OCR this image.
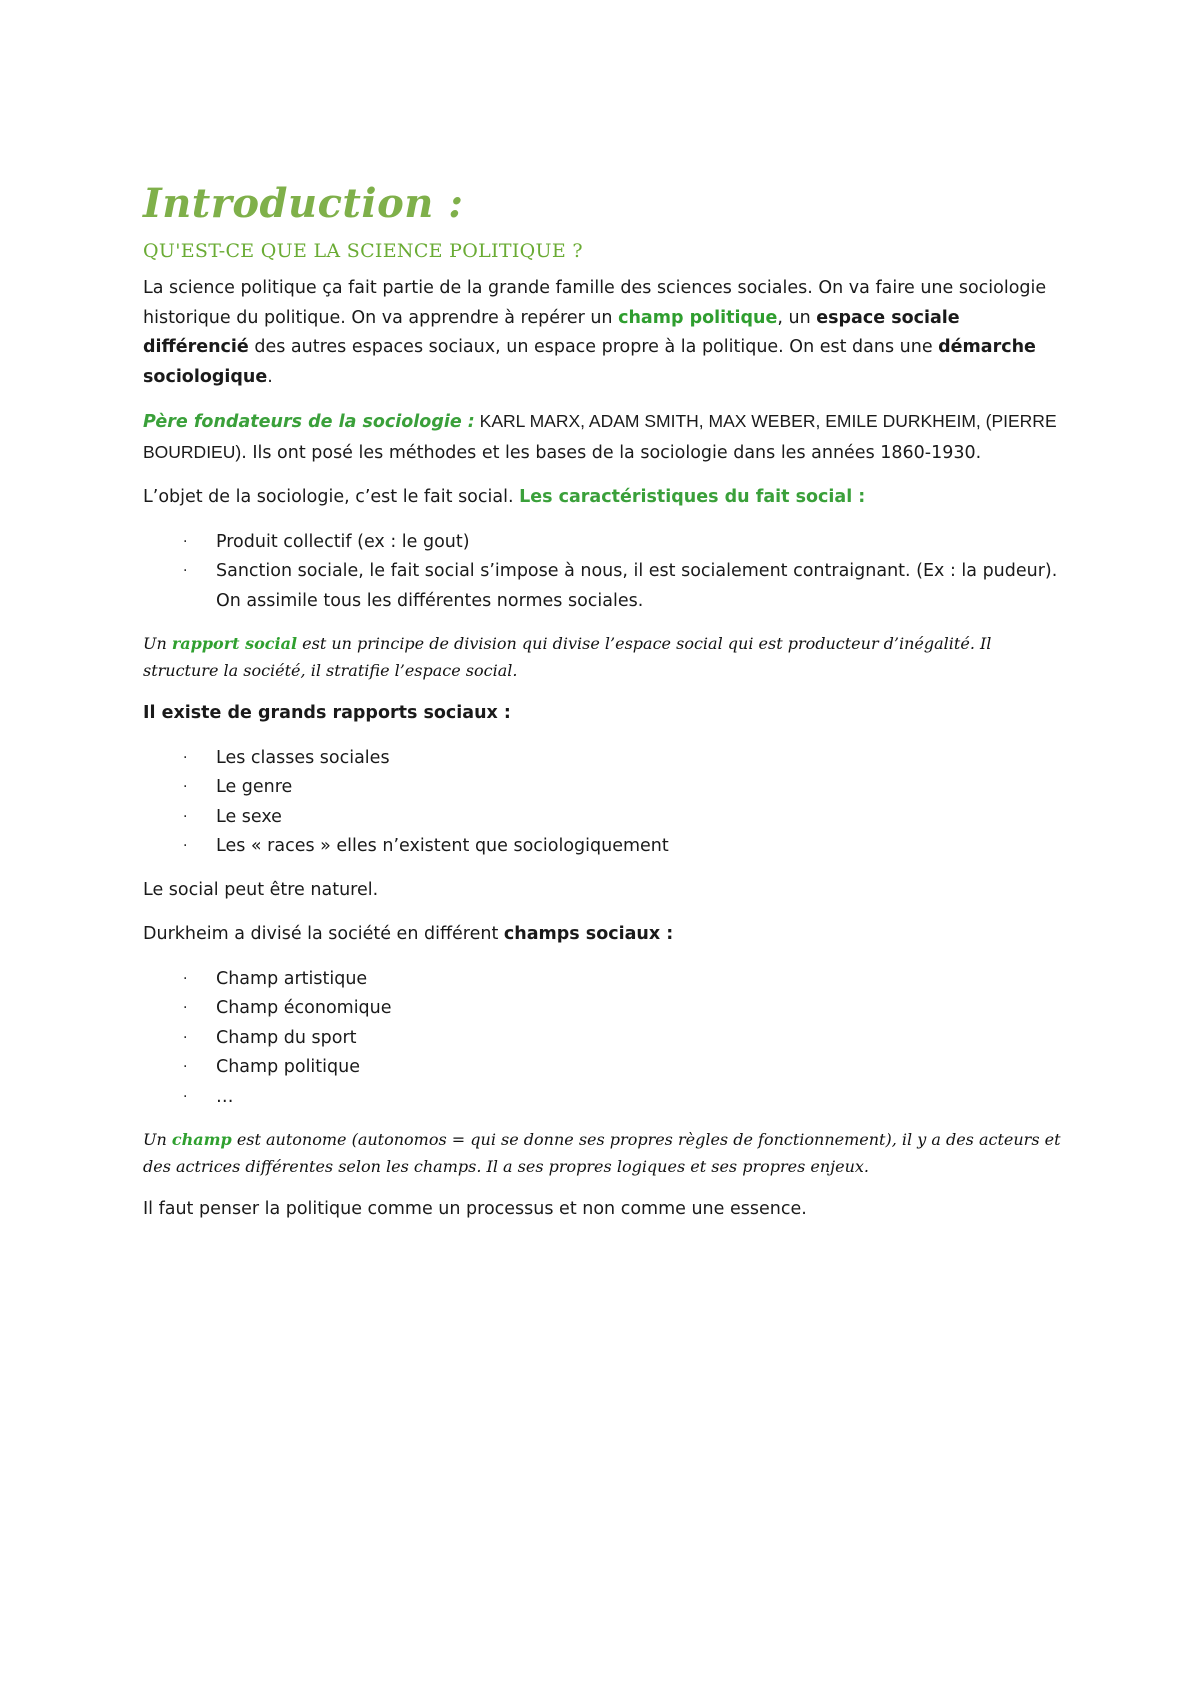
Introduction :
QU'EST-CE QUE LA SCIENCE POLITIQUE ?

La science politique ça fait partie de la grande famille des sciences sociales. On va faire une sociologie historique du politique. On va apprendre à repérer un champ politique, un espace sociale différencié des autres espaces sociaux, un espace propre à la politique. On est dans une démarche sociologique.

Père fondateurs de la sociologie : KARL MARX, ADAM SMITH, MAX WEBER, EMILE DURKHEIM, (PIERRE BOURDIEU). Ils ont posé les méthodes et les bases de la sociologie dans les années 1860-1930.

L’objet de la sociologie, c’est le fait social. Les caractéristiques du fait social :

· Produit collectif (ex : le gout)
· Sanction sociale, le fait social s’impose à nous, il est socialement contraignant. (Ex : la pudeur). On assimile tous les différentes normes sociales.

Un rapport social est un principe de division qui divise l’espace social qui est producteur d’inégalité. Il structure la société, il stratifie l’espace social.

Il existe de grands rapports sociaux :

· Les classes sociales
· Le genre
· Le sexe
· Les « races » elles n’existent que sociologiquement

Le social peut être naturel.

Durkheim a divisé la société en différent champs sociaux :

· Champ artistique
· Champ économique
· Champ du sport
· Champ politique
· …

Un champ est autonome (autonomos = qui se donne ses propres règles de fonctionnement), il y a des acteurs et des actrices différentes selon les champs. Il a ses propres logiques et ses propres enjeux.

Il faut penser la politique comme un processus et non comme une essence.
